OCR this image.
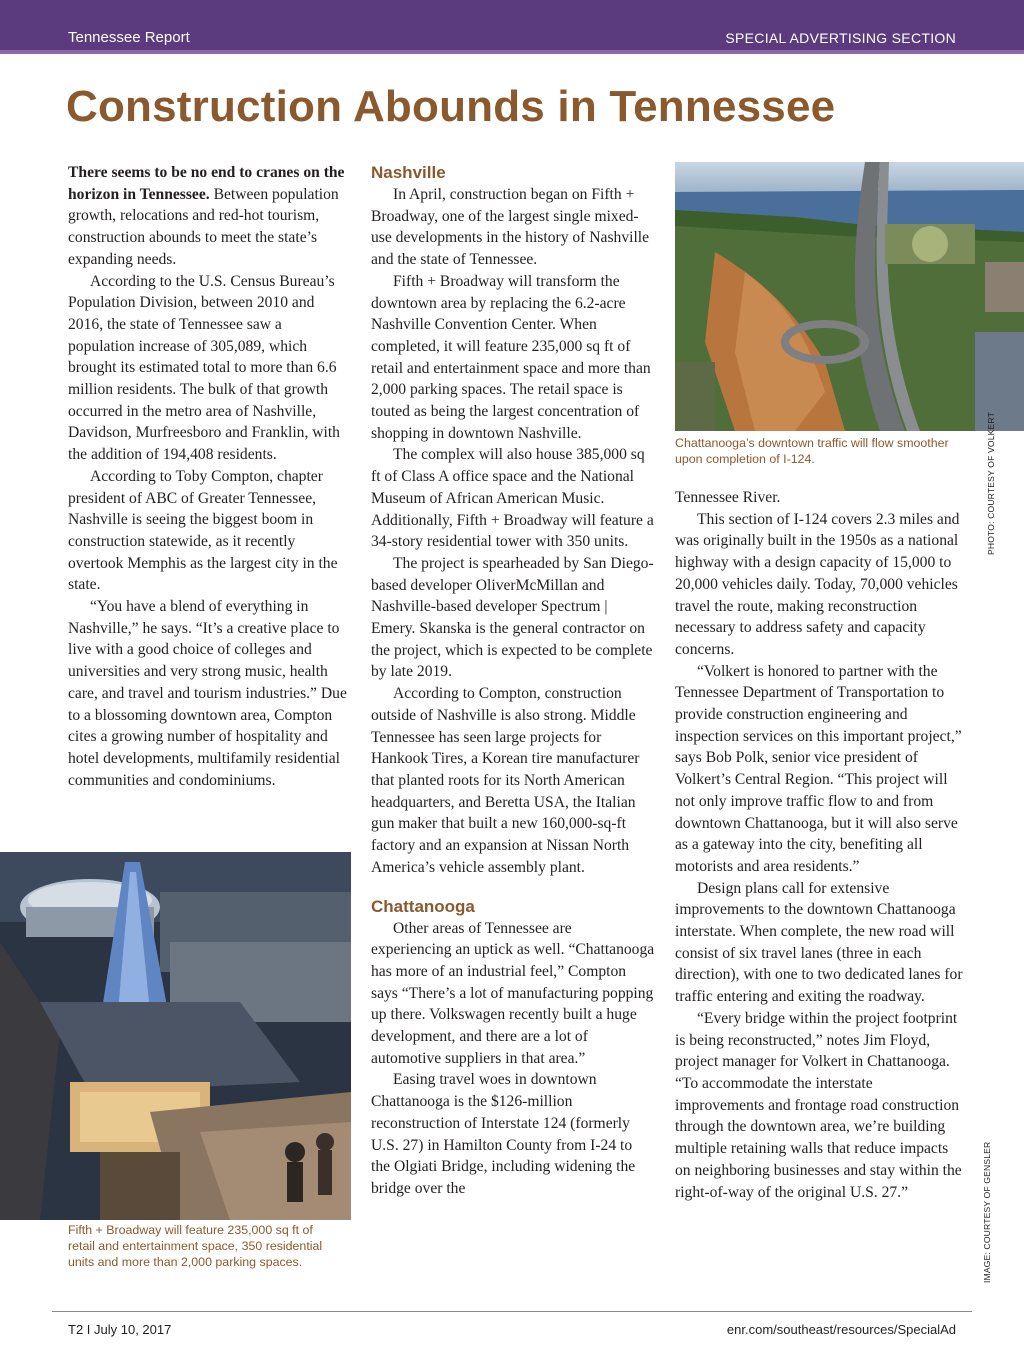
Tennessee Report	SPECIAL ADVERTISING SECTION
Construction Abounds in Tennessee

There seems to be no end to cranes on the horizon in Tennessee. Between population growth, relocations and red-hot tourism, construction abounds to meet the state’s expanding needs.

According to the U.S. Census Bureau’s Population Division, between 2010 and 2016, the state of Tennessee saw a population increase of 305,089, which brought its estimated total to more than 6.6 million residents. The bulk of that growth occurred in the metro area of Nashville, Davidson, Murfreesboro and Franklin, with the addition of 194,408 residents.

According to Toby Compton, chapter president of ABC of Greater Tennessee, Nashville is seeing the biggest boom in construction statewide, as it recently overtook Memphis as the largest city in the state.

“You have a blend of everything in Nashville,” he says. “It’s a creative place to live with a good choice of colleges and universities and very strong music, health care, and travel and tourism industries.” Due to a blossoming downtown area, Compton cites a growing number of hospitality and hotel developments, multifamily residential communities and condominiums.

Nashville

In April, construction began on Fifth + Broadway, one of the largest single mixed-use developments in the history of Nashville and the state of Tennessee.

Fifth + Broadway will transform the downtown area by replacing the 6.2-acre Nashville Convention Center. When completed, it will feature 235,000 sq ft of retail and entertainment space and more than 2,000 parking spaces. The retail space is touted as being the largest concentration of shopping in downtown Nashville.

The complex will also house 385,000 sq ft of Class A office space and the National Museum of African American Music. Additionally, Fifth + Broadway will feature a 34-story residential tower with 350 units.

The project is spearheaded by San Diego-based developer OliverMcMillan and Nashville-based developer Spectrum | Emery. Skanska is the general contractor on the project, which is expected to be complete by late 2019.

According to Compton, construction outside of Nashville is also strong. Middle Tennessee has seen large projects for Hankook Tires, a Korean tire manufacturer that planted roots for its North American headquarters, and Beretta USA, the Italian gun maker that built a new 160,000-sq-ft factory and an expansion at Nissan North America’s vehicle assembly plant.

Chattanooga

Other areas of Tennessee are experiencing an uptick as well. “Chattanooga has more of an industrial feel,” Compton says “There’s a lot of manufacturing popping up there. Volkswagen recently built a huge development, and there are a lot of automotive suppliers in that area.”

Easing travel woes in downtown Chattanooga is the $126-million reconstruction of Interstate 124 (formerly U.S. 27) in Hamilton County from I-24 to the Olgiati Bridge, including widening the bridge over the

Tennessee River.

This section of I-124 covers 2.3 miles and was originally built in the 1950s as a national highway with a design capacity of 15,000 to 20,000 vehicles daily. Today, 70,000 vehicles travel the route, making reconstruction necessary to address safety and capacity concerns.

“Volkert is honored to partner with the Tennessee Department of Transportation to provide construction engineering and inspection services on this important project,” says Bob Polk, senior vice president of Volkert’s Central Region. “This project will not only improve traffic flow to and from downtown Chattanooga, but it will also serve as a gateway into the city, benefiting all motorists and area residents.”

Design plans call for extensive improvements to the downtown Chattanooga interstate. When complete, the new road will consist of six travel lanes (three in each direction), with one to two dedicated lanes for traffic entering and exiting the roadway.

“Every bridge within the project footprint is being reconstructed,” notes Jim Floyd, project manager for Volkert in Chattanooga. “To accommodate the interstate improvements and frontage road construction through the downtown area, we’re building multiple retaining walls that reduce impacts on neighboring businesses and stay within the right-of-way of the original U.S. 27.”

Chattanooga’s downtown traffic will flow smoother upon completion of I-124.	PHOTO: COURTESY OF VOLKERT
Fifth + Broadway will feature 235,000 sq ft of retail and entertainment space, 350 residential units and more than 2,000 parking spaces.	IMAGE: COURTESY OF GENSLER
T2 I July 10, 2017	enr.com/southeast/resources/SpecialAd
